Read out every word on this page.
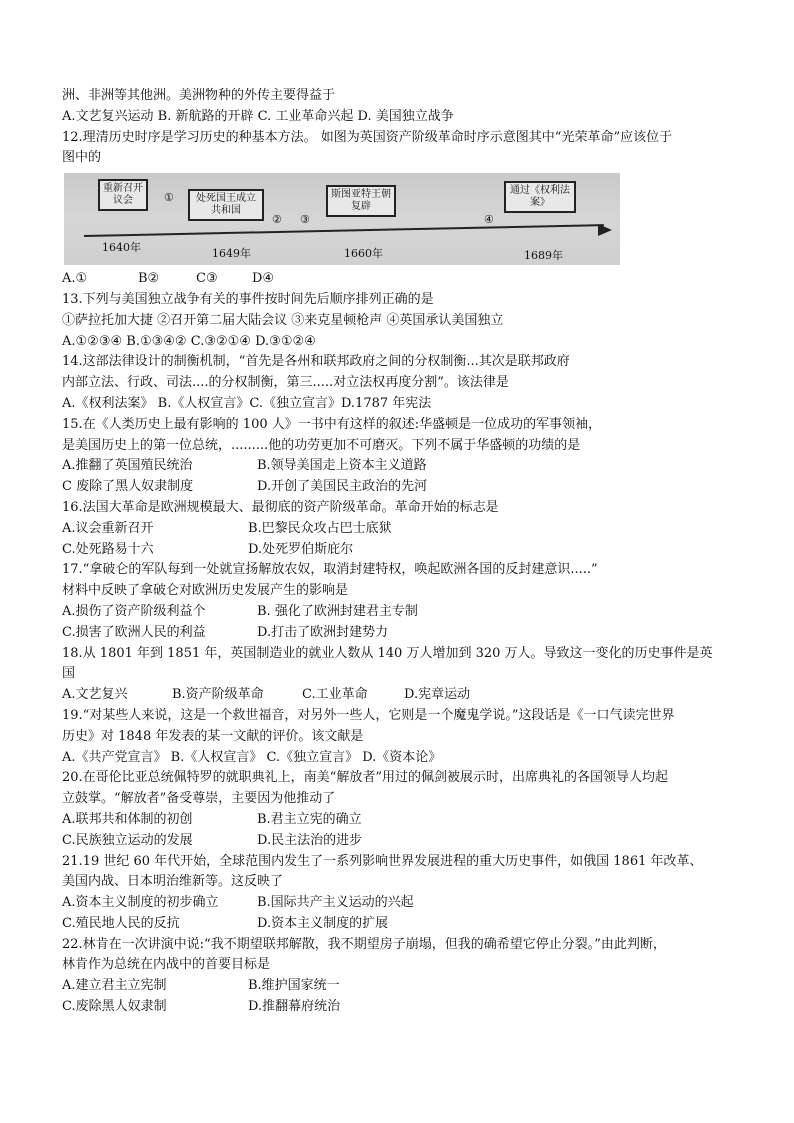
洲、非洲等其他洲。美洲物种的外传主要得益于
A.文艺复兴运动 B. 新航路的开辟 C. 工业革命兴起 D. 美国独立战争
12.理清历史时序是学习历史的种基本方法。 如图为英国资产阶级革命时序示意图其中“光荣革命”应该位于
图中的
重新召开议会	处死国王成立共和国
斯图亚特王朝复辟
通过《权利法案》
①
② ③	④
1640年	1649年	1660年	1689年
A.①	B②	C③	D④
13.下列与美国独立战争有关的事件按时间先后顺序排列正确的是
①萨拉托加大捷 ②召开第二届大陆会议 ③来克星顿枪声 ④英国承认美国独立
A.①②③④ B.①③④② C.③②①④ D.③①②④
14.这部法律设计的制衡机制，“首先是各州和联邦政府之间的分权制衡...其次是联邦政府
内部立法、行政、司法....的分权制衡，第三.....对立法权再度分割”。该法律是
A.《权利法案》 B.《人权宣言》C.《独立宣言》D.1787 年宪法
15.在《人类历史上最有影响的 100 人》一书中有这样的叙述:华盛顿是一位成功的军事领袖，
是美国历史上的第一位总统，.........他的功劳更加不可磨灭。下列不属于华盛顿的功绩的是
A.推翻了英国殖民统治	B.领导美国走上资本主义道路
C 废除了黑人奴隶制度	D.开创了美国民主政治的先河
16.法国大革命是欧洲规模最大、最彻底的资产阶级革命。革命开始的标志是
A.议会重新召开	B.巴黎民众攻占巴士底狱
C.处死路易十六	D.处死罗伯斯庇尔
17.“拿破仑的军队每到一处就宣扬解放农奴，取消封建特权，唤起欧洲各国的反封建意识.....”
材料中反映了拿破仑对欧洲历史发展产生的影响是
A.损伤了资产阶级利益个	B. 强化了欧洲封建君主专制
C.损害了欧洲人民的利益	D.打击了欧洲封建势力
18.从 1801 年到 1851 年，英国制造业的就业人数从 140 万人增加到 320 万人。导致这一变化的历史事件是英
国
A.文艺复兴	B.资产阶级革命	C.工业革命	D.宪章运动
19.“对某些人来说，这是一个救世福音，对另外一些人，它则是一个魔鬼学说。”这段话是《一口气读完世界
历史》对 1848 年发表的某一文献的评价。该文献是
A.《共产党宣言》 B.《人权宣言》 C.《独立宣言》 D.《资本论》
20.在哥伦比亚总统佩特罗的就职典礼上，南美“解放者”用过的佩剑被展示时，出席典礼的各国领导人均起
立鼓掌。“解放者”备受尊崇，主要因为他推动了
A.联邦共和体制的初创	B.君主立宪的确立
C.民族独立运动的发展	D.民主法治的进步
21.19 世纪 60 年代开始，全球范围内发生了一系列影响世界发展进程的重大历史事件，如俄国 1861 年改革、
美国内战、日本明治维新等。这反映了
A.资本主义制度的初步确立	B.国际共产主义运动的兴起
C.殖民地人民的反抗	D.资本主义制度的扩展
22.林肯在一次讲演中说:“我不期望联邦解散，我不期望房子崩塌，但我的确希望它停止分裂。”由此判断，
林肯作为总统在内战中的首要目标是
A.建立君主立宪制	B.维护国家统一
C.废除黑人奴隶制	D.推翻幕府统治
